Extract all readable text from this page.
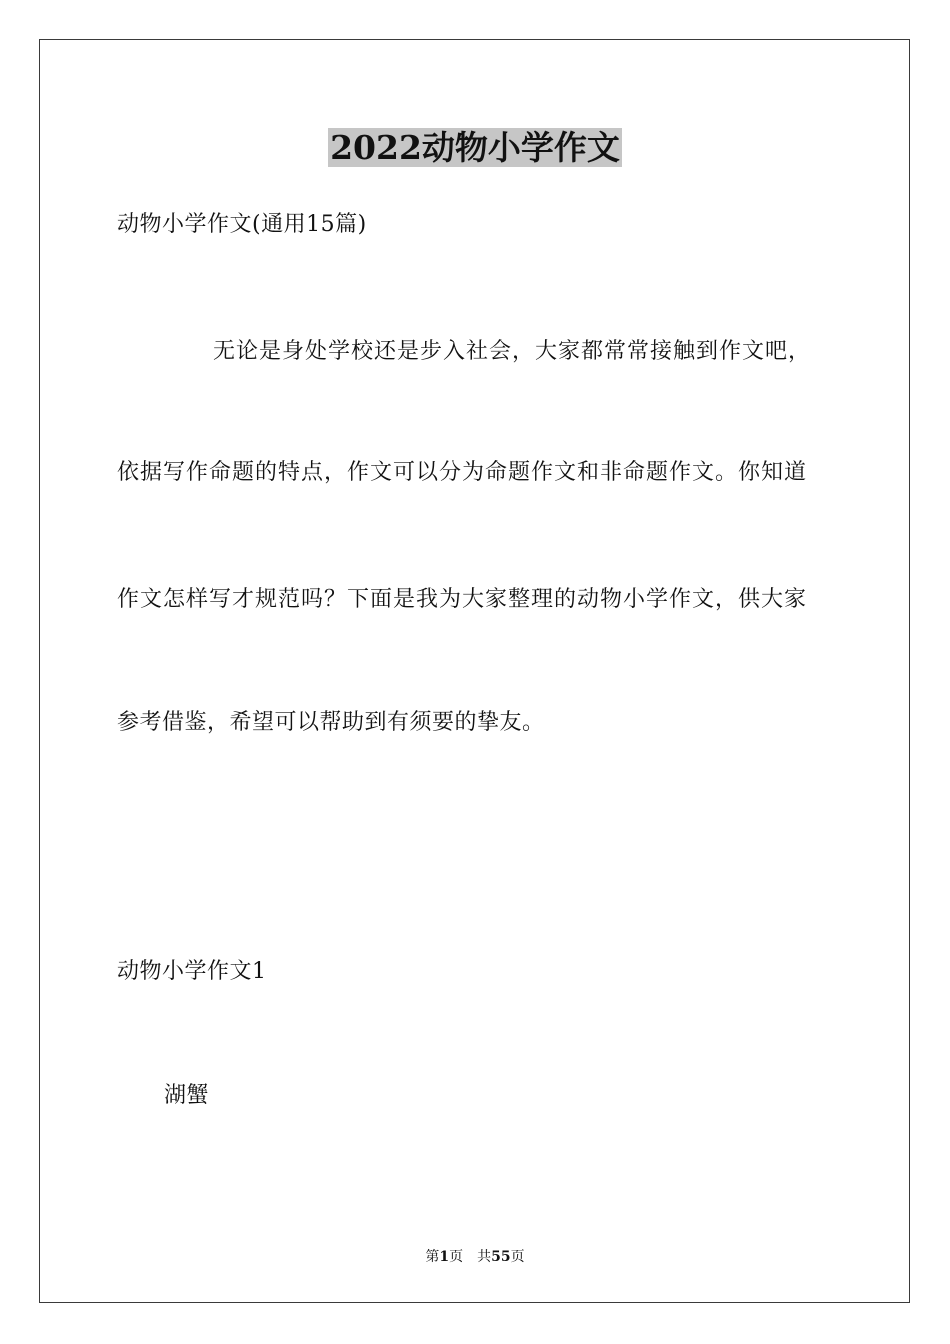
2022动物小学作文
动物小学作文(通用15篇)
无论是身处学校还是步入社会，大家都常常接触到作文吧，
依据写作命题的特点，作文可以分为命题作文和非命题作文。你知道
作文怎样写才规范吗？下面是我为大家整理的动物小学作文，供大家
参考借鉴，希望可以帮助到有须要的挚友。
动物小学作文1
湖蟹
第1页 共55页
